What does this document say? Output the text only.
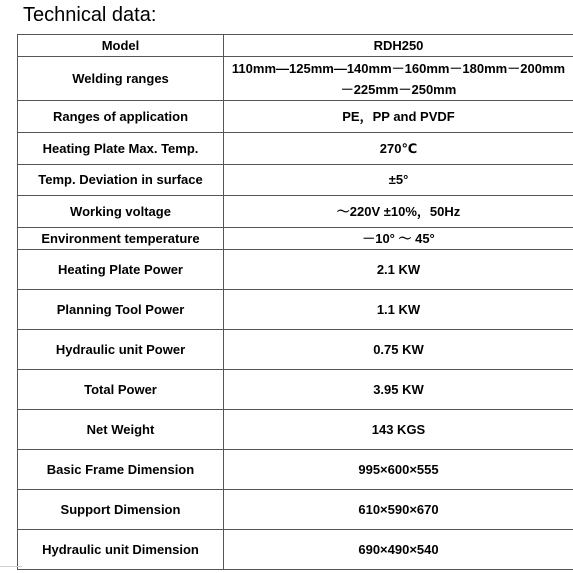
Technical data:
Model	RDH250
Welding ranges	110mm—125mm—140mm－160mm－180mm－200mm－225mm－250mm
Ranges of application	PE，PP and PVDF
Heating Plate Max. Temp.	270℃
Temp. Deviation in surface	±5°
Working voltage	～220V ±10%，50Hz
Environment temperature	－10° ～ 45°
Heating Plate Power	2.1 KW
Planning Tool Power	1.1 KW
Hydraulic unit Power	0.75 KW
Total Power	3.95 KW
Net Weight	143 KGS
Basic Frame Dimension	995×600×555
Support Dimension	610×590×670
Hydraulic unit Dimension	690×490×540
